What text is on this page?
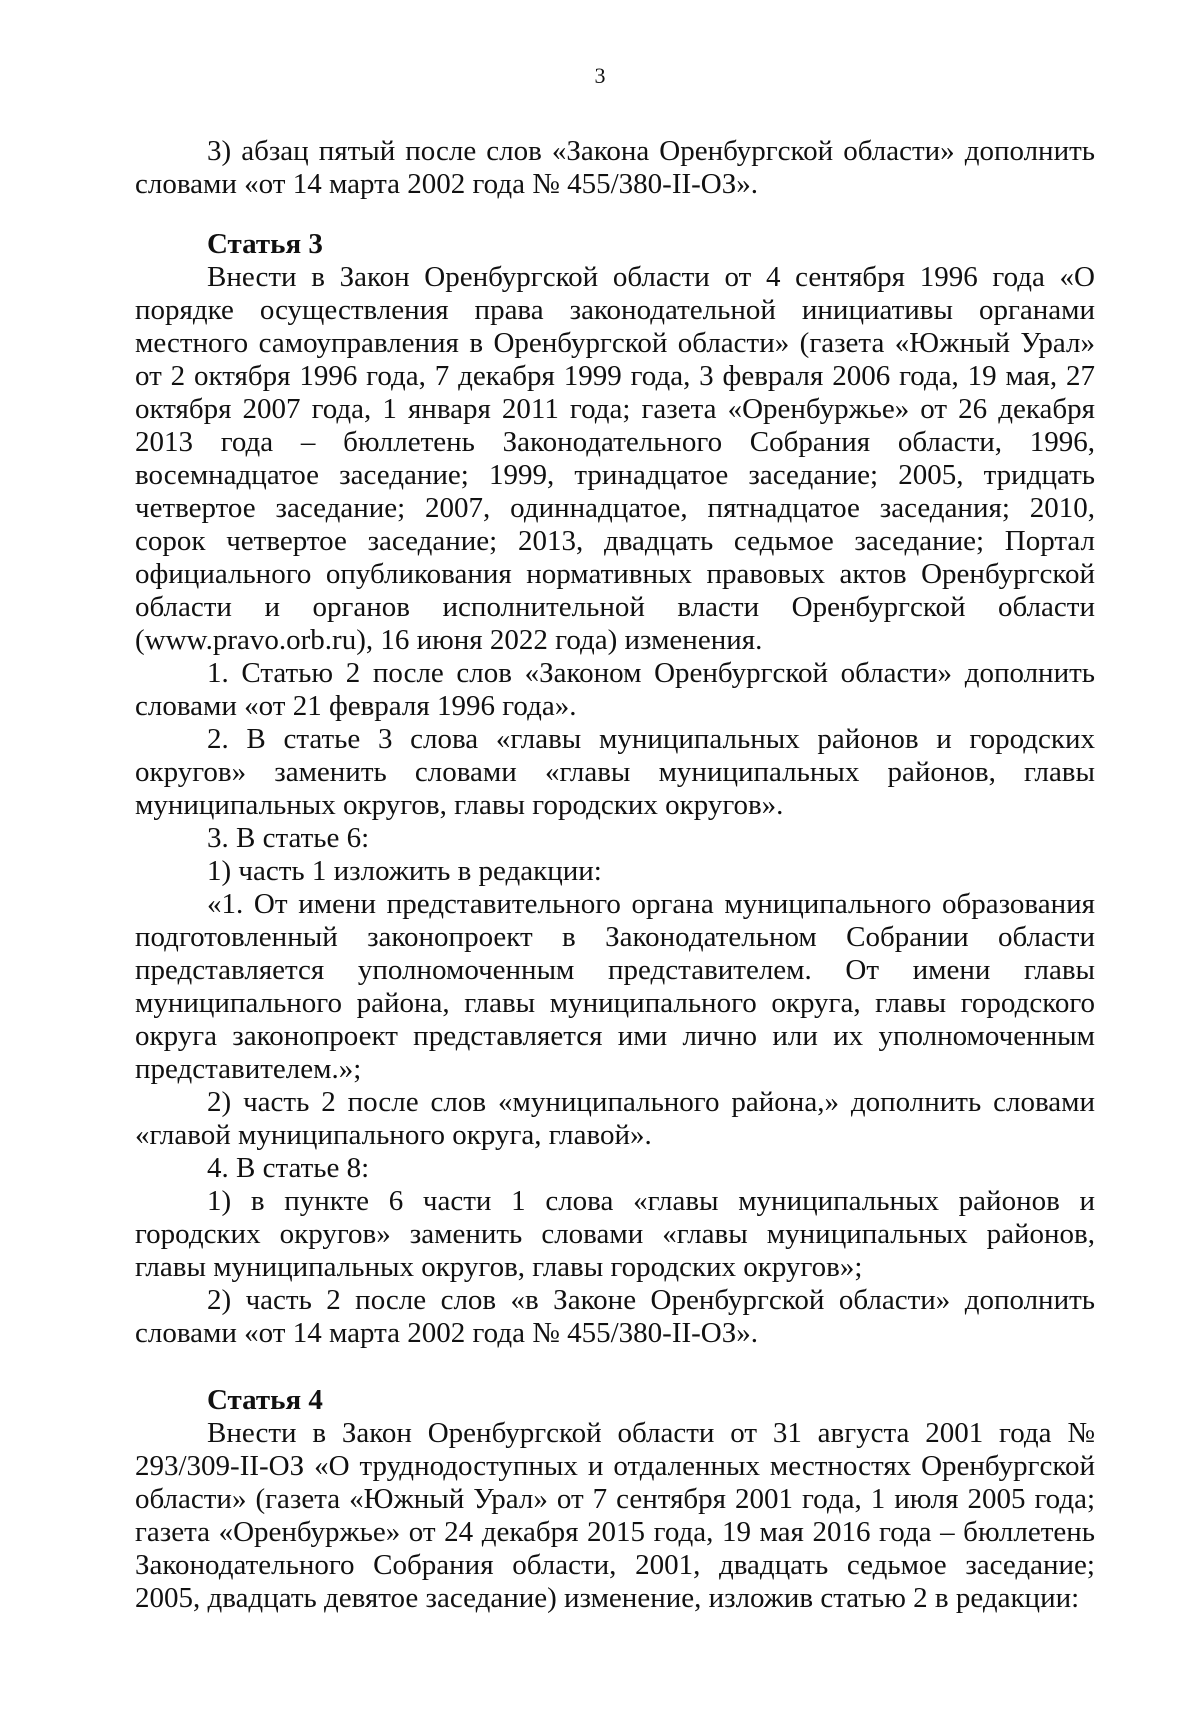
3

3) абзац пятый после слов «Закона Оренбургской области» дополнить словами «от 14 марта 2002 года № 455/380-II-ОЗ».

Статья 3

Внести в Закон Оренбургской области от 4 сентября 1996 года «О порядке осуществления права законодательной инициативы органами местного самоуправления в Оренбургской области» (газета «Южный Урал» от 2 октября 1996 года, 7 декабря 1999 года, 3 февраля 2006 года, 19 мая, 27 октября 2007 года, 1 января 2011 года; газета «Оренбуржье» от 26 декабря 2013 года – бюллетень Законодательного Собрания области, 1996, восемнадцатое заседание; 1999, тринадцатое заседание; 2005, тридцать четвертое заседание; 2007, одиннадцатое, пятнадцатое заседания; 2010, сорок четвертое заседание; 2013, двадцать седьмое заседание; Портал официального опубликования нормативных правовых актов Оренбургской области и органов исполнительной власти Оренбургской области (www.pravo.orb.ru), 16 июня 2022 года) изменения.

1. Статью 2 после слов «Законом Оренбургской области» дополнить словами «от 21 февраля 1996 года».

2. В статье 3 слова «главы муниципальных районов и городских округов» заменить словами «главы муниципальных районов, главы муниципальных округов, главы городских округов».

3. В статье 6:

1) часть 1 изложить в редакции:

«1. От имени представительного органа муниципального образования подготовленный законопроект в Законодательном Собрании области представляется уполномоченным представителем. От имени главы муниципального района, главы муниципального округа, главы городского округа законопроект представляется ими лично или их уполномоченным представителем.»;

2) часть 2 после слов «муниципального района,» дополнить словами «главой муниципального округа, главой».

4. В статье 8:

1) в пункте 6 части 1 слова «главы муниципальных районов и городских округов» заменить словами «главы муниципальных районов, главы муниципальных округов, главы городских округов»;

2) часть 2 после слов «в Законе Оренбургской области» дополнить словами «от 14 марта 2002 года № 455/380-II-ОЗ».

Статья 4

Внести в Закон Оренбургской области от 31 августа 2001 года № 293/309-II-ОЗ «О труднодоступных и отдаленных местностях Оренбургской области» (газета «Южный Урал» от 7 сентября 2001 года, 1 июля 2005 года; газета «Оренбуржье» от 24 декабря 2015 года, 19 мая 2016 года – бюллетень Законодательного Собрания области, 2001, двадцать седьмое заседание; 2005, двадцать девятое заседание) изменение, изложив статью 2 в редакции:
